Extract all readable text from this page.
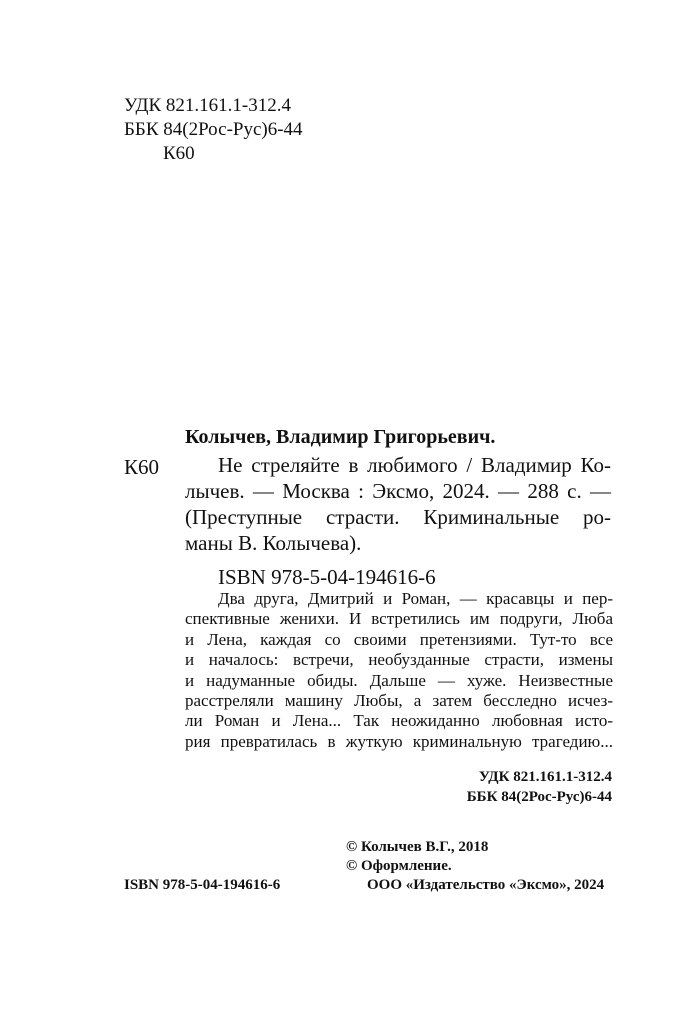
УДК 821.161.1-312.4
ББК 84(2Рос-Рус)6-44
К60
Колычев, Владимир Григорьевич.
К60	Не стреляйте в любимого / Владимир Ко-
лычев. — Москва : Эксмо, 2024. — 288 с. —
(Преступные страсти. Криминальные ро-
маны В. Колычева).
ISBN 978-5-04-194616-6
Два друга, Дмитрий и Роман, — красавцы и пер-
спективные женихи. И встретились им подруги, Люба
и Лена, каждая со своими претензиями. Тут-то все
и началось: встречи, необузданные страсти, измены
и надуманные обиды. Дальше — хуже. Неизвестные
расстреляли машину Любы, а затем бесследно исчез-
ли Роман и Лена... Так неожиданно любовная исто-
рия превратилась в жуткую криминальную трагедию...
УДК 821.161.1-312.4
ББК 84(2Рос-Рус)6-44
© Колычев В.Г., 2018
© Оформление.
ООО «Издательство «Эксмо», 2024
ISBN 978-5-04-194616-6
